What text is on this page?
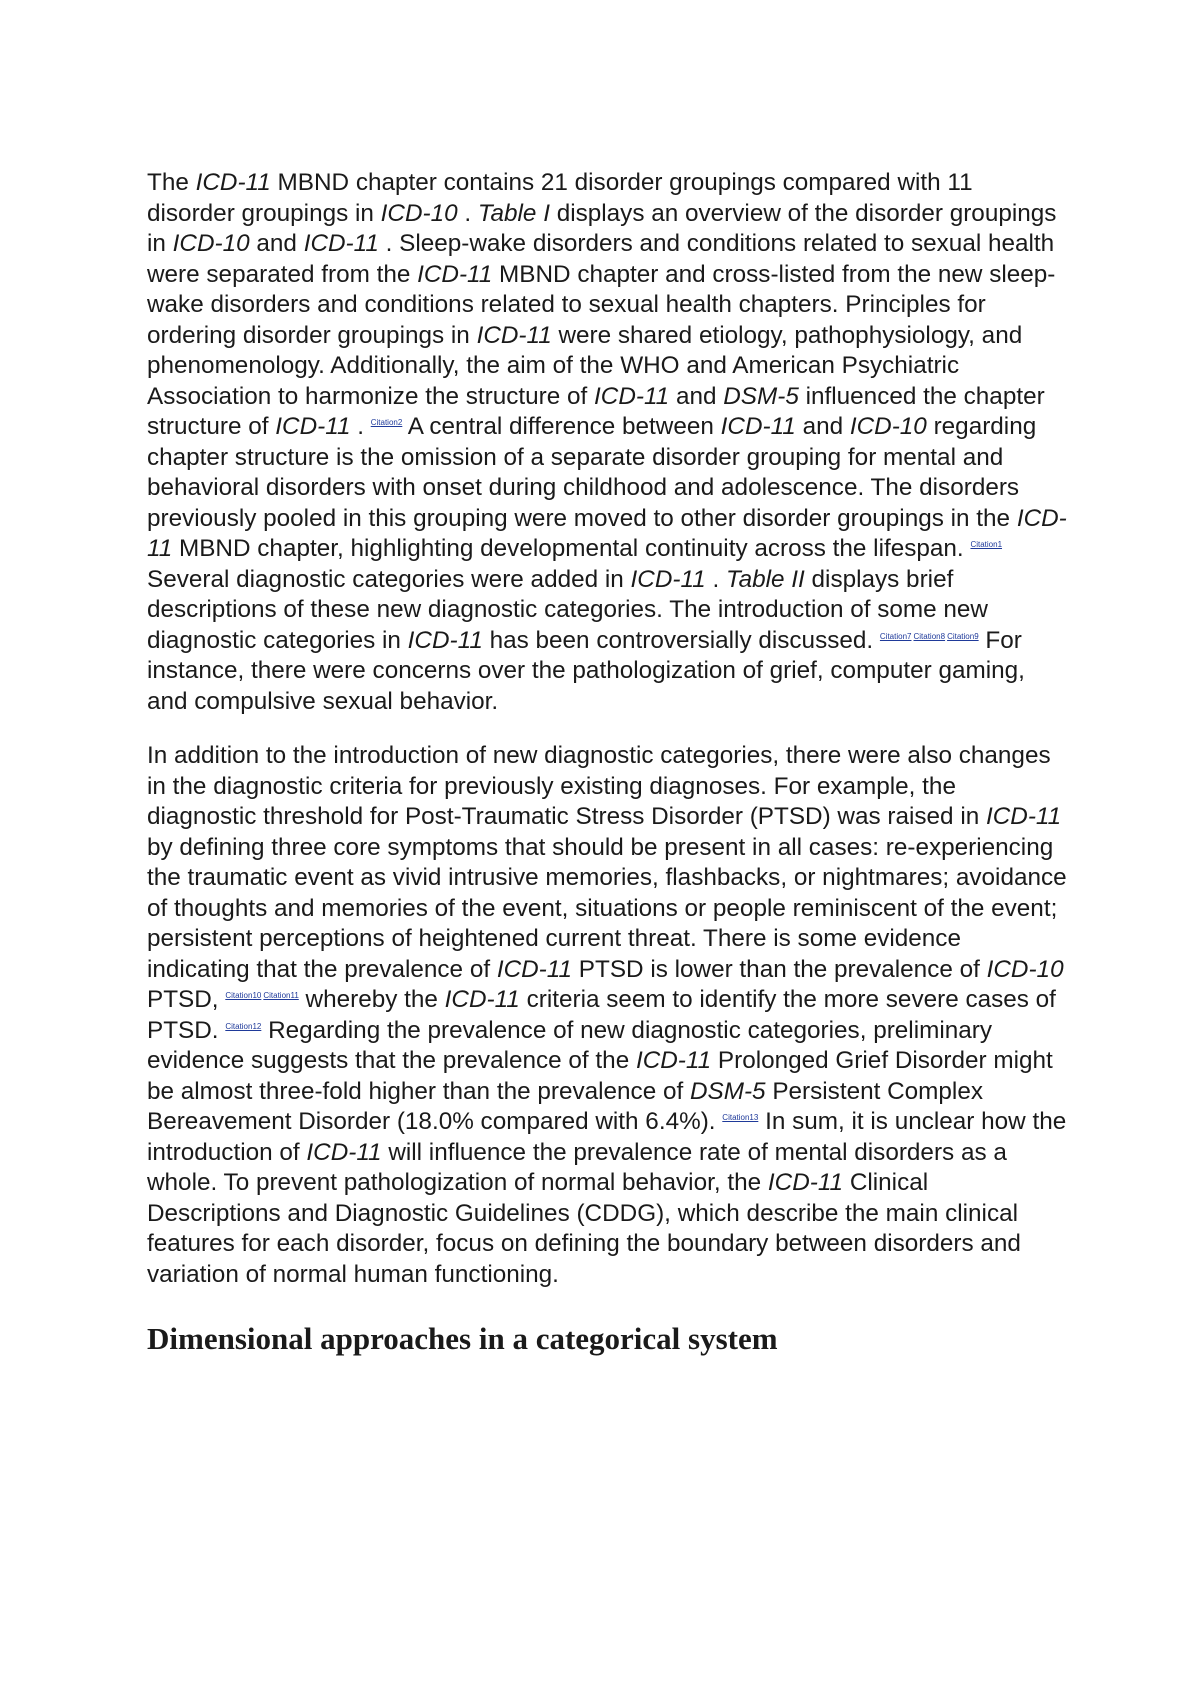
The ICD-11 MBND chapter contains 21 disorder groupings compared with 11 disorder groupings in ICD-10 . Table I displays an overview of the disorder groupings in ICD-10 and ICD-11 . Sleep-wake disorders and conditions related to sexual health were separated from the ICD-11 MBND chapter and cross-listed from the new sleep-wake disorders and conditions related to sexual health chapters. Principles for ordering disorder groupings in ICD-11 were shared etiology, pathophysiology, and phenomenology. Additionally, the aim of the WHO and American Psychiatric Association to harmonize the structure of ICD-11 and DSM-5 influenced the chapter structure of ICD-11 . $^{Citation2}$ A central difference between ICD-11 and ICD-10 regarding chapter structure is the omission of a separate disorder grouping for mental and behavioral disorders with onset during childhood and adolescence. The disorders previously pooled in this grouping were moved to other disorder groupings in the ICD-11 MBND chapter, highlighting developmental continuity across the lifespan. $^{Citation1}$ Several diagnostic categories were added in ICD-11 . Table II displays brief descriptions of these new diagnostic categories. The introduction of some new diagnostic categories in ICD-11 has been controversially discussed. $^{Citation7}$ $^{Citation8}$ $^{Citation9}$ For instance, there were concerns over the pathologization of grief, computer gaming, and compulsive sexual behavior.

In addition to the introduction of new diagnostic categories, there were also changes in the diagnostic criteria for previously existing diagnoses. For example, the diagnostic threshold for Post-Traumatic Stress Disorder (PTSD) was raised in ICD-11 by defining three core symptoms that should be present in all cases: re-experiencing the traumatic event as vivid intrusive memories, flashbacks, or nightmares; avoidance of thoughts and memories of the event, situations or people reminiscent of the event; persistent perceptions of heightened current threat. There is some evidence indicating that the prevalence of ICD-11 PTSD is lower than the prevalence of ICD-10 PTSD, $^{Citation10}$ $^{Citation11}$ whereby the ICD-11 criteria seem to identify the more severe cases of PTSD. $^{Citation12}$ Regarding the prevalence of new diagnostic categories, preliminary evidence suggests that the prevalence of the ICD-11 Prolonged Grief Disorder might be almost three-fold higher than the prevalence of DSM-5 Persistent Complex Bereavement Disorder (18.0% compared with 6.4%). $^{Citation13}$ In sum, it is unclear how the introduction of ICD-11 will influence the prevalence rate of mental disorders as a whole. To prevent pathologization of normal behavior, the ICD-11 Clinical Descriptions and Diagnostic Guidelines (CDDG), which describe the main clinical features for each disorder, focus on defining the boundary between disorders and variation of normal human functioning.

Dimensional approaches in a categorical system
